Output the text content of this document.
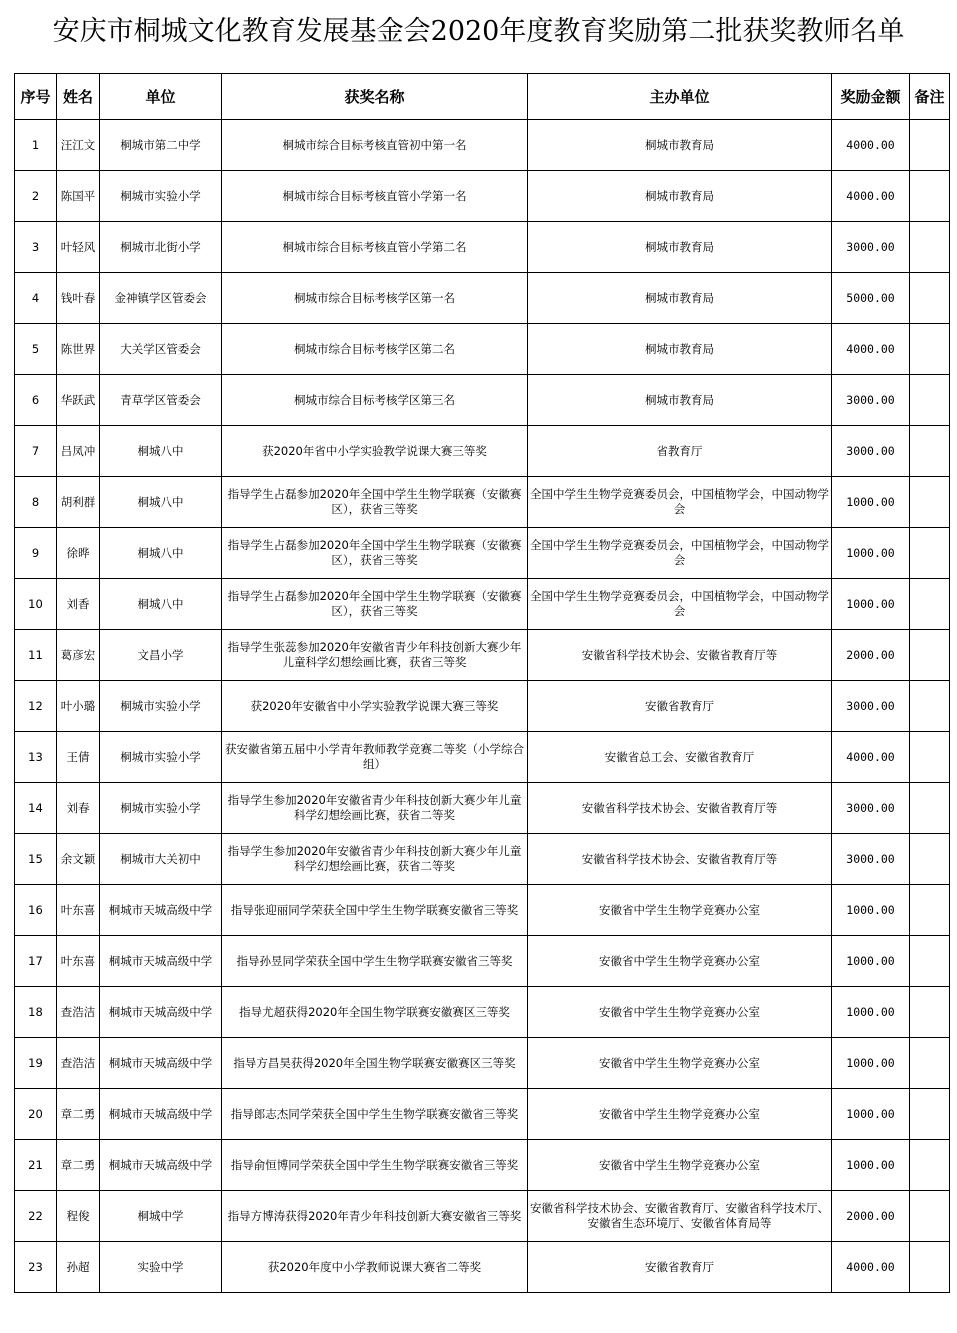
安庆市桐城文化教育发展基金会2020年度教育奖励第二批获奖教师名单
序号	姓名	单位	获奖名称	主办单位	奖励金额	备注
1	汪江文	桐城市第二中学	桐城市综合目标考核直管初中第一名	桐城市教育局	4000.00	
2	陈国平	桐城市实验小学	桐城市综合目标考核直管小学第一名	桐城市教育局	4000.00	
3	叶轻风	桐城市北街小学	桐城市综合目标考核直管小学第二名	桐城市教育局	3000.00	
4	钱叶春	金神镇学区管委会	桐城市综合目标考核学区第一名	桐城市教育局	5000.00	
5	陈世界	大关学区管委会	桐城市综合目标考核学区第二名	桐城市教育局	4000.00	
6	华跃武	青草学区管委会	桐城市综合目标考核学区第三名	桐城市教育局	3000.00	
7	吕凤冲	桐城八中	获2020年省中小学实验教学说课大赛三等奖	省教育厅	3000.00	
8	胡利群	桐城八中	指导学生占磊参加2020年全国中学生生物学联赛（安徽赛区），获省三等奖	全国中学生生物学竞赛委员会，中国植物学会，中国动物学会	1000.00	
9	徐晔	桐城八中	指导学生占磊参加2020年全国中学生生物学联赛（安徽赛区），获省三等奖	全国中学生生物学竞赛委员会，中国植物学会，中国动物学会	1000.00	
10	刘香	桐城八中	指导学生占磊参加2020年全国中学生生物学联赛（安徽赛区），获省三等奖	全国中学生生物学竞赛委员会，中国植物学会，中国动物学会	1000.00	
11	葛彦宏	文昌小学	指导学生张蕊参加2020年安徽省青少年科技创新大赛少年儿童科学幻想绘画比赛，获省三等奖	安徽省科学技术协会、安徽省教育厅等	2000.00	
12	叶小璐	桐城市实验小学	获2020年安徽省中小学实验教学说课大赛三等奖	安徽省教育厅	3000.00	
13	王倩	桐城市实验小学	获安徽省第五届中小学青年教师教学竞赛二等奖（小学综合组）	安徽省总工会、安徽省教育厅	4000.00	
14	刘春	桐城市实验小学	指导学生参加2020年安徽省青少年科技创新大赛少年儿童科学幻想绘画比赛，获省二等奖	安徽省科学技术协会、安徽省教育厅等	3000.00	
15	余文颖	桐城市大关初中	指导学生参加2020年安徽省青少年科技创新大赛少年儿童科学幻想绘画比赛，获省二等奖	安徽省科学技术协会、安徽省教育厅等	3000.00	
16	叶东喜	桐城市天城高级中学	指导张迎丽同学荣获全国中学生生物学联赛安徽省三等奖	安徽省中学生生物学竞赛办公室	1000.00	
17	叶东喜	桐城市天城高级中学	指导孙昱同学荣获全国中学生生物学联赛安徽省三等奖	安徽省中学生生物学竞赛办公室	1000.00	
18	查浩洁	桐城市天城高级中学	指导尤超获得2020年全国生物学联赛安徽赛区三等奖	安徽省中学生生物学竞赛办公室	1000.00	
19	查浩洁	桐城市天城高级中学	指导方昌昊获得2020年全国生物学联赛安徽赛区三等奖	安徽省中学生生物学竞赛办公室	1000.00	
20	章二勇	桐城市天城高级中学	指导郎志杰同学荣获全国中学生生物学联赛安徽省三等奖	安徽省中学生生物学竞赛办公室	1000.00	
21	章二勇	桐城市天城高级中学	指导俞恒博同学荣获全国中学生生物学联赛安徽省三等奖	安徽省中学生生物学竞赛办公室	1000.00	
22	程俊	桐城中学	指导方博涛获得2020年青少年科技创新大赛安徽省三等奖	安徽省科学技术协会、安徽省教育厅、安徽省科学技术厅、安徽省生态环境厅、安徽省体育局等	2000.00	
23	孙超	实验中学	获2020年度中小学教师说课大赛省二等奖	安徽省教育厅	4000.00	
